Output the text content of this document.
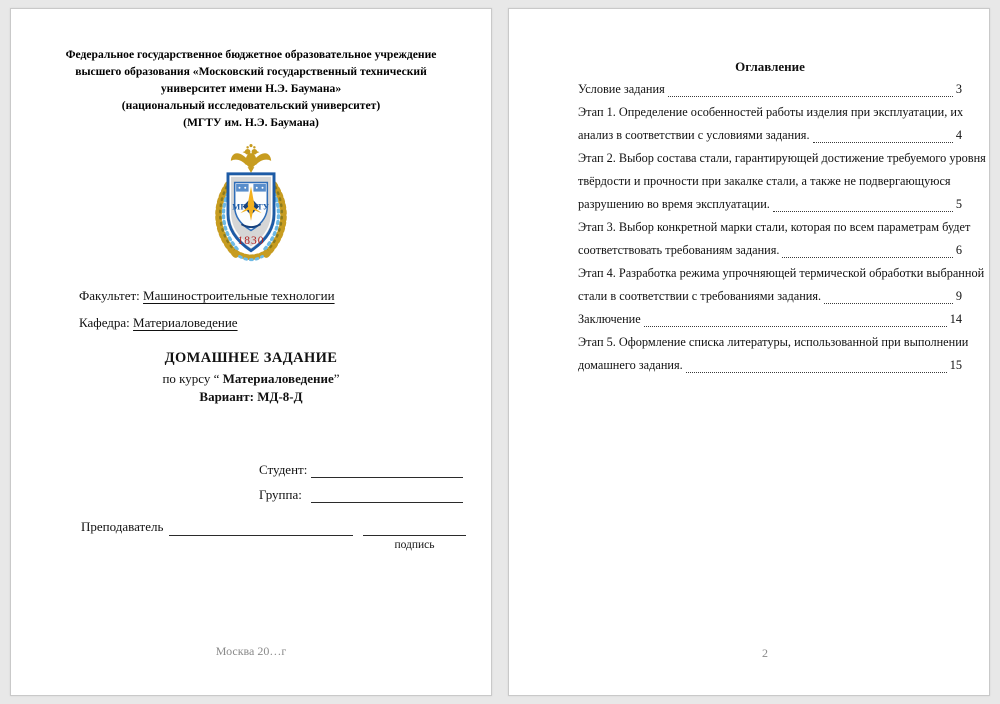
Федеральное государственное бюджетное образовательное учреждение
высшего образования «Московский государственный технический
университет имени Н.Э. Баумана»
(национальный исследовательский университет)
(МГТУ им. Н.Э. Баумана)
МГ ТУ
1830
Факультет: Машиностроительные технологии
Кафедра: Материаловедение
ДОМАШНЕЕ ЗАДАНИЕ
по курсу “ Материаловедение”
Вариант: МД-8-Д
Студент:
Группа:
Преподаватель
подпись
Москва 20…г
Оглавление
Условие задания	3
Этап 1. Определение особенностей работы изделия при эксплуатации, их
анализ в соответствии с условиями задания.	4
Этап 2. Выбор состава стали, гарантирующей достижение требуемого уровня
твёрдости и прочности при закалке стали, а также не подвергающуюся
разрушению во время эксплуатации.	5
Этап 3. Выбор конкретной марки стали, которая по всем параметрам будет
соответствовать требованиям задания.	6
Этап 4. Разработка режима упрочняющей термической обработки выбранной
стали в соответствии с требованиями задания.	9
Заключение	14
Этап 5. Оформление списка литературы, использованной при выполнении
домашнего задания.	15
2
